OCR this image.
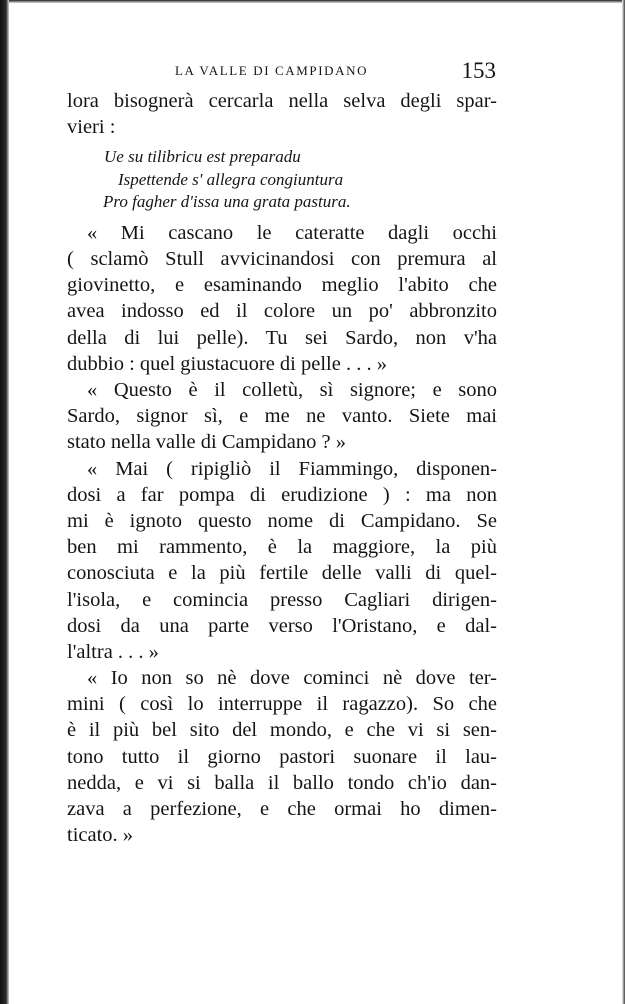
LA VALLE DI CAMPIDANO	153
lora bisognerà cercarla nella selva degli spar-
vieri :
Ue su tilibricu est preparadu
Ispettende s' allegra congiuntura
Pro fagher d'issa una grata pastura.
« Mi cascano le cateratte dagli occhi
( sclamò Stull avvicinandosi con premura al
giovinetto, e esaminando meglio l'abito che
avea indosso ed il colore un po' abbronzito
della di lui pelle). Tu sei Sardo, non v'ha
dubbio : quel giustacuore di pelle . . . »
« Questo è il colletù, sì signore; e sono
Sardo, signor sì, e me ne vanto. Siete mai
stato nella valle di Campidano ? »
« Mai ( ripigliò il Fiammingo, disponen-
dosi a far pompa di erudizione ) : ma non
mi è ignoto questo nome di Campidano. Se
ben mi rammento, è la maggiore, la più
conosciuta e la più fertile delle valli di quel-
l'isola, e comincia presso Cagliari dirigen-
dosi da una parte verso l'Oristano, e dal-
l'altra . . . »
« Io non so nè dove cominci nè dove ter-
mini ( così lo interruppe il ragazzo). So che
è il più bel sito del mondo, e che vi si sen-
tono tutto il giorno pastori suonare il lau-
nedda, e vi si balla il ballo tondo ch'io dan-
zava a perfezione, e che ormai ho dimen-
ticato. »
